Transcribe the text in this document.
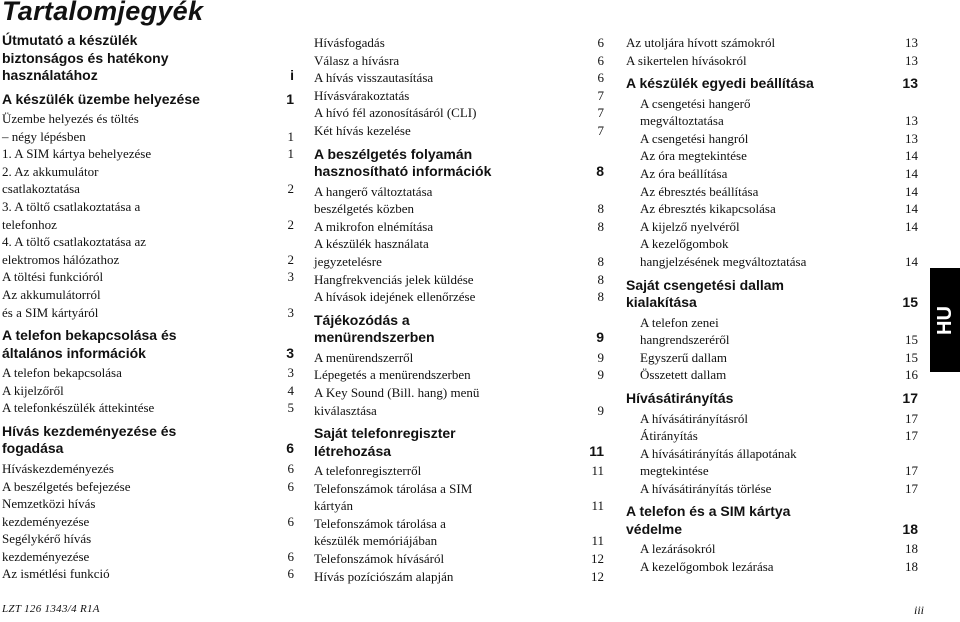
Tartalomjegyék
Útmutató a készülék
biztonságos és hatékony
használatához	i
A készülék üzembe helyezése	1
Üzembe helyezés és töltés
– négy lépésben	1
1. A SIM kártya behelyezése	1
2. Az akkumulátor
csatlakoztatása	2
3. A töltő csatlakoztatása a
telefonhoz	2
4. A töltő csatlakoztatása az
elektromos hálózathoz	2
A töltési funkcióról	3
Az akkumulátorról
és a SIM kártyáról	3
A telefon bekapcsolása és
általános információk	3
A telefon bekapcsolása	3
A kijelzőről	4
A telefonkészülék áttekintése	5
Hívás kezdeményezése és
fogadása	6
Híváskezdeményezés	6
A beszélgetés befejezése	6
Nemzetközi hívás
kezdeményezése	6
Segélykérő hívás
kezdeményezése	6
Az ismétlési funkció	6
Hívásfogadás	6
Válasz a hívásra	6
A hívás visszautasítása	6
Hívásvárakoztatás	7
A hívó fél azonosításáról (CLI)	7
Két hívás kezelése	7
A beszélgetés folyamán
hasznosítható információk	8
A hangerő változtatása
beszélgetés közben	8
A mikrofon elnémítása	8
A készülék használata
jegyzetelésre	8
Hangfrekvenciás jelek küldése	8
A hívások idejének ellenőrzése	8
Tájékozódás a
menürendszerben	9
A menürendszerről	9
Lépegetés a menürendszerben	9
A Key Sound (Bill. hang) menü
kiválasztása	9
Saját telefonregiszter
létrehozása	11
A telefonregiszterről	11
Telefonszámok tárolása a SIM
kártyán	11
Telefonszámok tárolása a
készülék memóriájában	11
Telefonszámok hívásáról	12
Hívás pozíciószám alapján	12
Az utoljára hívott számokról	13
A sikertelen hívásokról	13
A készülék egyedi beállítása	13
A csengetési hangerő
megváltoztatása	13
A csengetési hangról	13
Az óra megtekintése	14
Az óra beállítása	14
Az ébresztés beállítása	14
Az ébresztés kikapcsolása	14
A kijelző nyelvéről	14
A kezelőgombok
hangjelzésének megváltoztatása	14
Saját csengetési dallam
kialakítása	15
A telefon zenei
hangrendszeréről	15
Egyszerű dallam	15
Összetett dallam	16
Hívásátirányítás	17
A hívásátirányításról	17
Átirányítás	17
A hívásátirányítás állapotának
megtekintése	17
A hívásátirányítás törlése	17
A telefon és a SIM kártya
védelme	18
A lezárásokról	18
A kezelőgombok lezárása	18
HU
LZT 126 1343/4 R1A	iii
